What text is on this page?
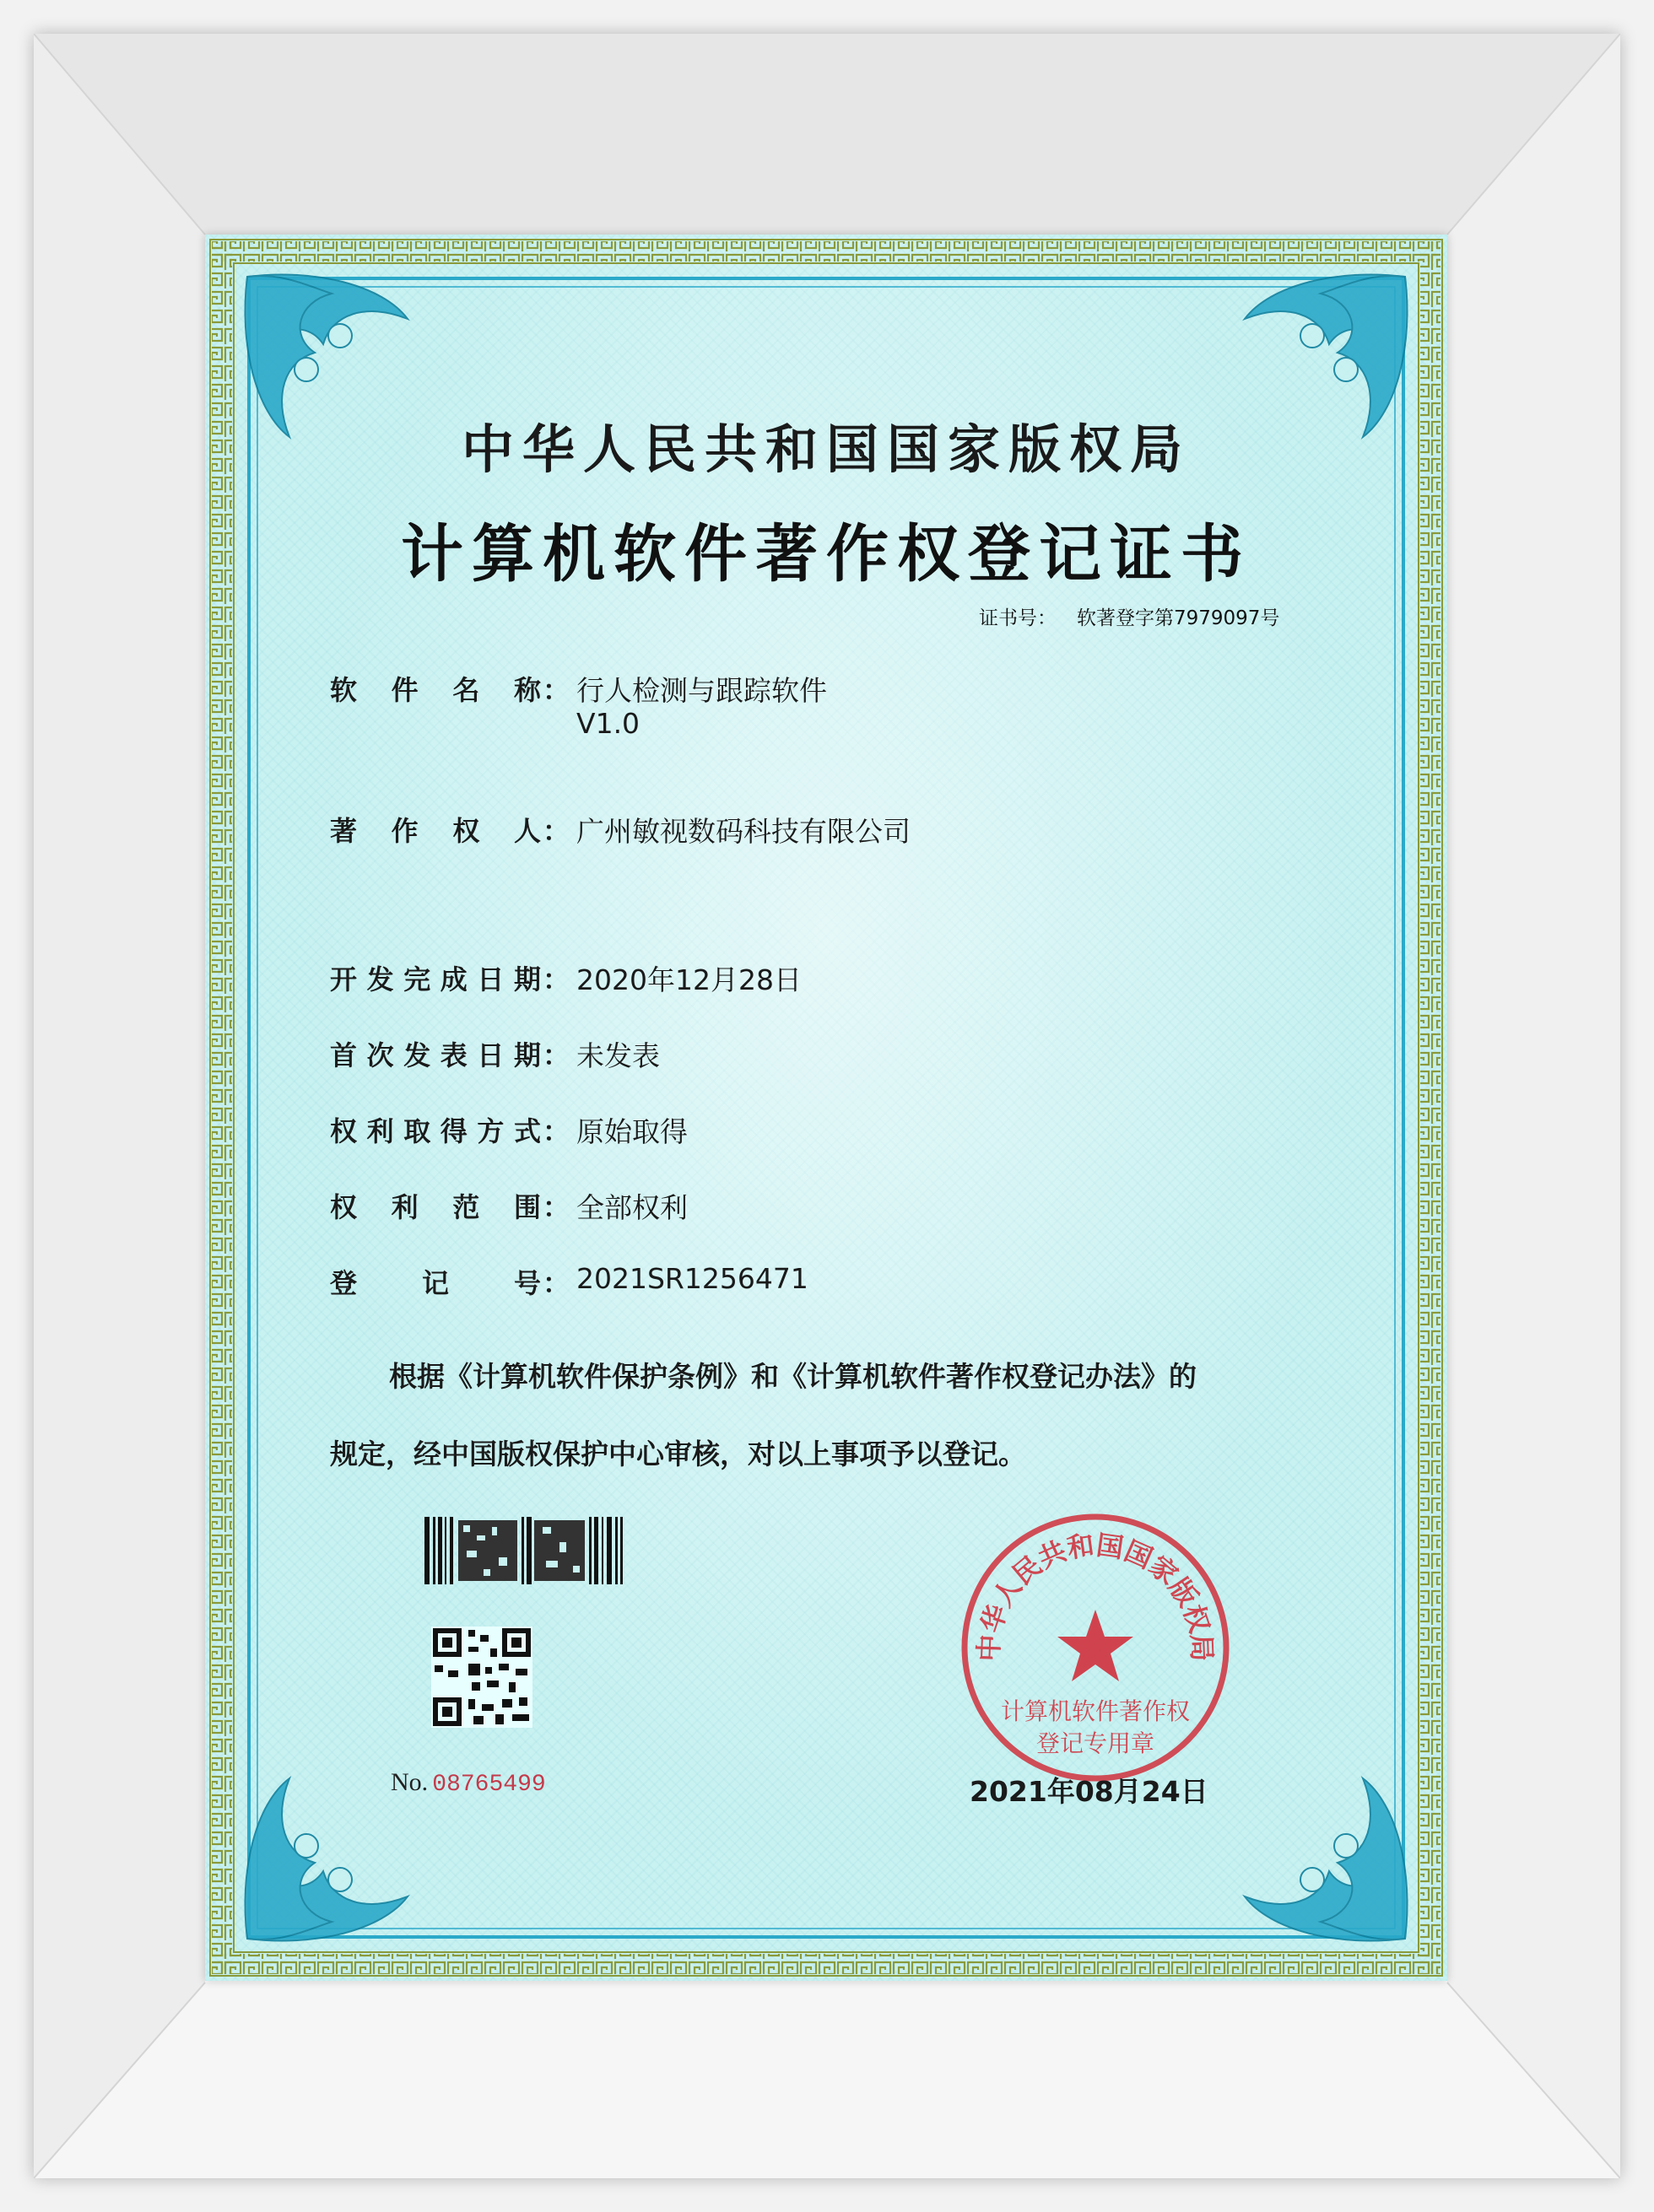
中华人民共和国国家版权局

计算机软件著作权登记证书

证书号： 软著登字第7979097号

软件名称 ： 行人检测与跟踪软件
V1.0
著作权人 ： 广州敏视数码科技有限公司
开发完成日期 ： 2020年12月28日
首次发表日期 ： 未发表
权利取得方式 ： 原始取得
权利范围 ： 全部权利
登记号 ： 2021SR1256471

根据《计算机软件保护条例》和《计算机软件著作权登记办法》的

规定，经中国版权保护中心审核，对以上事项予以登记。

No. 08765499

中华人民共和国国家版权局
计算机软件著作权
登记专用章

2021年08月24日
